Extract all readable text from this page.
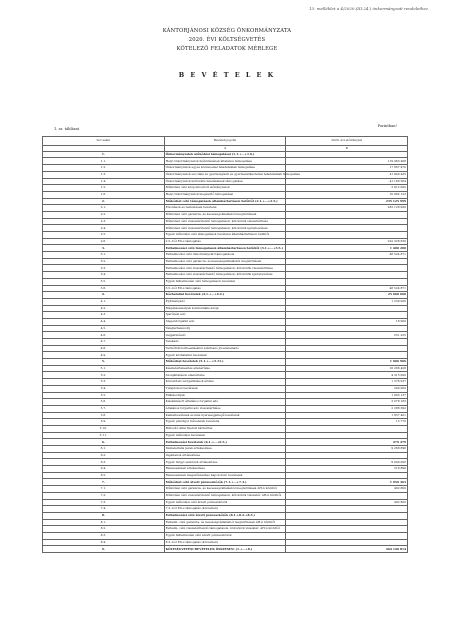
13. melléklet a 4/2020.(III.24.) önkormányzati rendelethez
KÁNTORJÁNOSI KÖZSÉG ÖNKORMÁNYZATA
2020. ÉVI KÖLTSÉGVETÉS
KÖTELEZŐ FELADATOK MÉRLEGE
B E V É T E L E K
1. sz. táblázat
Forintban!
Sor-szám	Bevételi jogcím	2020. évi előirányzat
	A	B
1.	Önkormányzatok működési támogatásai (1.1.+…+1.6.)	
1.1.	Helyi önkormányzatok működésének általános támogatása	119 463 408
1.2.	Önkormányzatok egyes köznevelési feladatainak támogatása	17 667 470
1.3.	Önkormányzatok szociális és gyermekjóléti és gyermekétkeztetési feladatainak támogatása	41 940 435
1.4.	Önkormányzatok kulturális feladatainak támogatása	41 160 564
1.5.	Működési célú központosított előirányzatok	3 912 000
1.6.	Helyi önkormányzatok kiegészítő támogatásai	10 982 123
2.	Működési célú támogatások államháztartáson belülről (2.1.+…+2.5.)	235 125 999
2.1.	Elvonások és befizetések bevételei	282 128 000
2.2.	Működési célú garancia- és kezességvállalásból megtérülések	
2.3.	Működési célú visszatérítendő támogatások, kölcsönök visszatérülése	
2.4.	Működési célú visszatérítendő támogatások, kölcsönök igénybevétele	
2.5.	Egyéb működési célú támogatások bevételei államháztartáson belülről	
2.6.	2.5.-ből EU-s támogatás	222 328 656
3.	Felhalmozási célú támogatások államháztartáson belülről (3.1.+…+3.5.)	1 400 200
3.1.	Felhalmozási célú önkormányzati támogatások	48 524 871
3.2.	Felhalmozási célú garancia- és kezességvállalásból megtérülések	
3.3.	Felhalmozási célú visszatérítendő támogatások, kölcsönök visszatérülése	
3.4.	Felhalmozási célú visszatérítendő támogatások, kölcsönök igénybevétele	
3.5.	Egyéb felhalmozási célú támogatások bevételei	
3.6.	3.5.-ből EU-s támogatás	48 524 871
4.	Közhatalmi bevételek (4.1.+…+4.2.)	25 000 000
4.1.	Építményadó	1 230 000
4.2.	Magánszemélyek kommunális adója	
4.3.	Iparűzési adó	
4.4.	Idegenforgalmi adó	18 000
4.5.	Talajterhelési díj	
4.6.	Gépjárműadó	251 225
4.7.	Telekadó	
4.8.	Termőföld bérbeadásából származó jövedelemadó	
4.9.	Egyéb közhatalmi bevételek	
5.	Működési bevételek (5.1.+…+5.11.)	1 006 906
5.1.	Készletértékesítés ellenértéke	16 266 428
5.2.	Szolgáltatások ellenértéke	4 315 000
5.3.	Közvetített szolgáltatások értéke	1 376 037
5.4.	Tulajdonosi bevételek	240 000
5.5.	Ellátási díjak	1 903 137
5.6.	Kiszámlázott általános forgalmi adó	3 078 183
5.7.	Általános forgalmi adó visszatérülése	2 288 392
5.8.	Kamatbevételek és más nyereségjellegű bevételek	1 857 401
5.9.	Egyéb pénzügyi műveletek bevételei	15 770
5.10.	Biztosító által fizetett kártérítés	
5.11.	Egyéb működési bevételek	
6.	Felhalmozási bevételek (6.1.+…+6.5.)	479 479
6.1.	Immateriális javak értékesítése	9 268 896
6.2.	Ingatlanok értékesítése	
6.3.	Egyéb tárgyi eszközök értékesítése	9 000 000
6.4.	Részesedések értékesítése	218 896
6.5.	Részesedések megszűnéséhez kapcsolódó bevételek	
7.	Működési célú átvett pénzeszközök (7.1.+…+7.3.)	1 050 363
7.1.	Működési célú garancia- és kezességvállalásból megtérülések ÁH-n kívülről	402 800
7.2.	Működési célú visszatérítendő támogatások, kölcsönök visszatér. ÁH-n kívülről	
7.3.	Egyéb működési célú átvett pénzeszközök	402 800
7.4.	7.3.-ból EU-s támogatás (közvetlen)	
8.	Felhalmozási célú átvett pénzeszközök (8.1.+8.2.+8.3.)	
8.1.	Felhalm. célú garancia- és kezességvállalásból megtérülések ÁH-n kívülről	
8.2.	Felhalm. célú visszatérítendő támogatások, kölcsönök visszatér. ÁH-n kívülről	
8.3.	Egyéb felhalmozási célú átvett pénzeszközök	
8.4.	8.3.-ból EU-s támogatás (közvetlen)	
9.	KÖLTSÉGVETÉSI BEVÉTELEK ÖSSZESEN: (1.+…+8.)	464 146 814
